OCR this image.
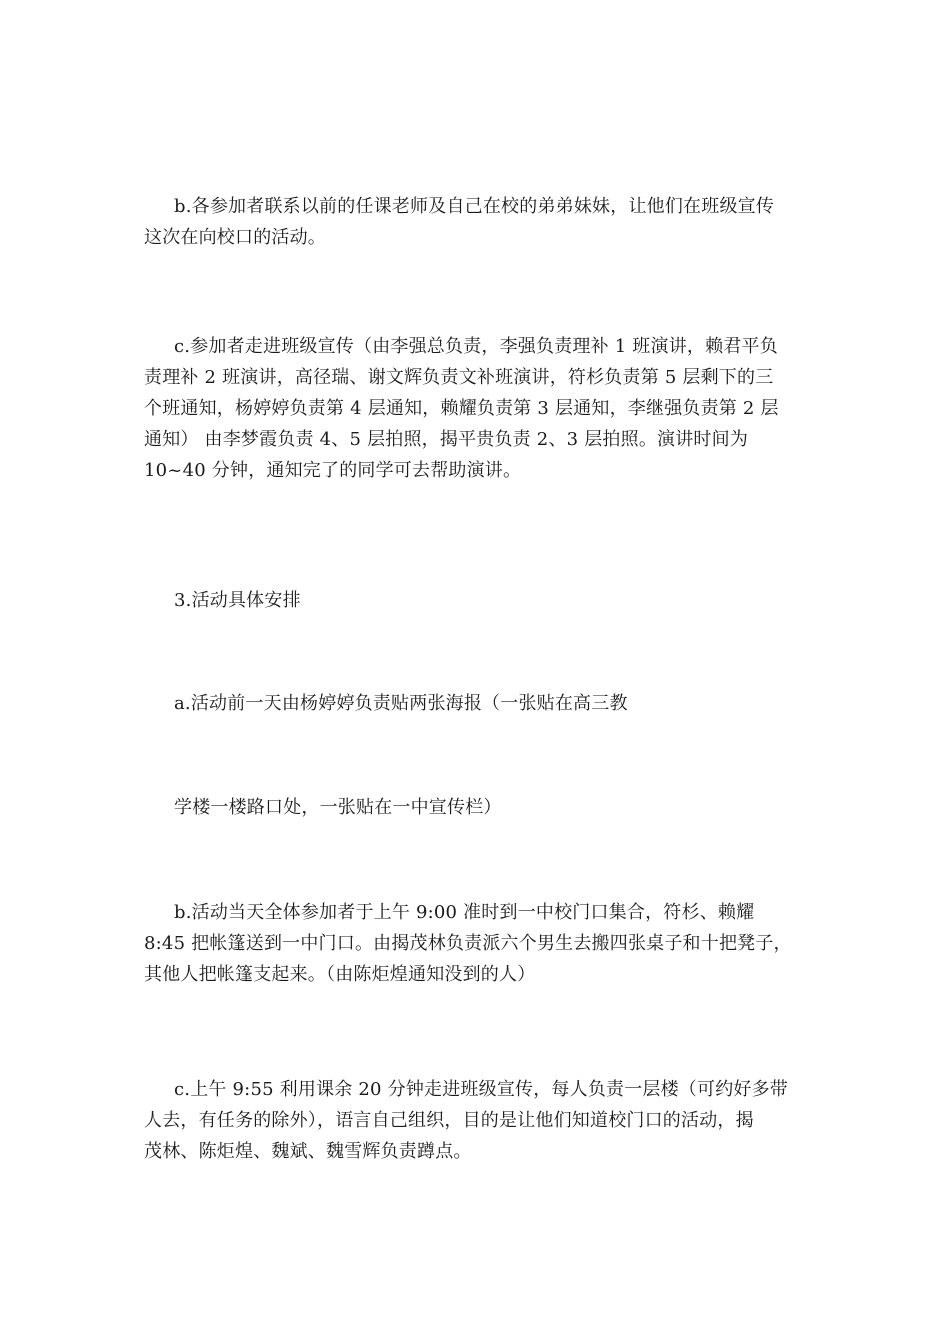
b.各参加者联系以前的任课老师及自己在校的弟弟妹妹，让他们在班级宣传
这次在向校口的活动。

c.参加者走进班级宣传（由李强总负责，李强负责理补 1 班演讲，赖君平负
责理补 2 班演讲，高径瑞、谢文辉负责文补班演讲，符杉负责第 5 层剩下的三
个班通知，杨婷婷负责第 4 层通知，赖耀负责第 3 层通知，李继强负责第 2 层
通知） 由李梦霞负责 4、5 层拍照，揭平贵负责 2、3 层拍照。演讲时间为
10~40 分钟，通知完了的同学可去帮助演讲。

3.活动具体安排

a.活动前一天由杨婷婷负责贴两张海报（一张贴在高三教

学楼一楼路口处，一张贴在一中宣传栏）

b.活动当天全体参加者于上午 9:00 准时到一中校门口集合，符杉、赖耀
8:45 把帐篷送到一中门口。由揭茂林负责派六个男生去搬四张桌子和十把凳子，
其他人把帐篷支起来。（由陈炬煌通知没到的人）

c.上午 9:55 利用课余 20 分钟走进班级宣传，每人负责一层楼（可约好多带
人去，有任务的除外），语言自己组织，目的是让他们知道校门口的活动，揭
茂林、陈炬煌、魏斌、魏雪辉负责蹲点。
